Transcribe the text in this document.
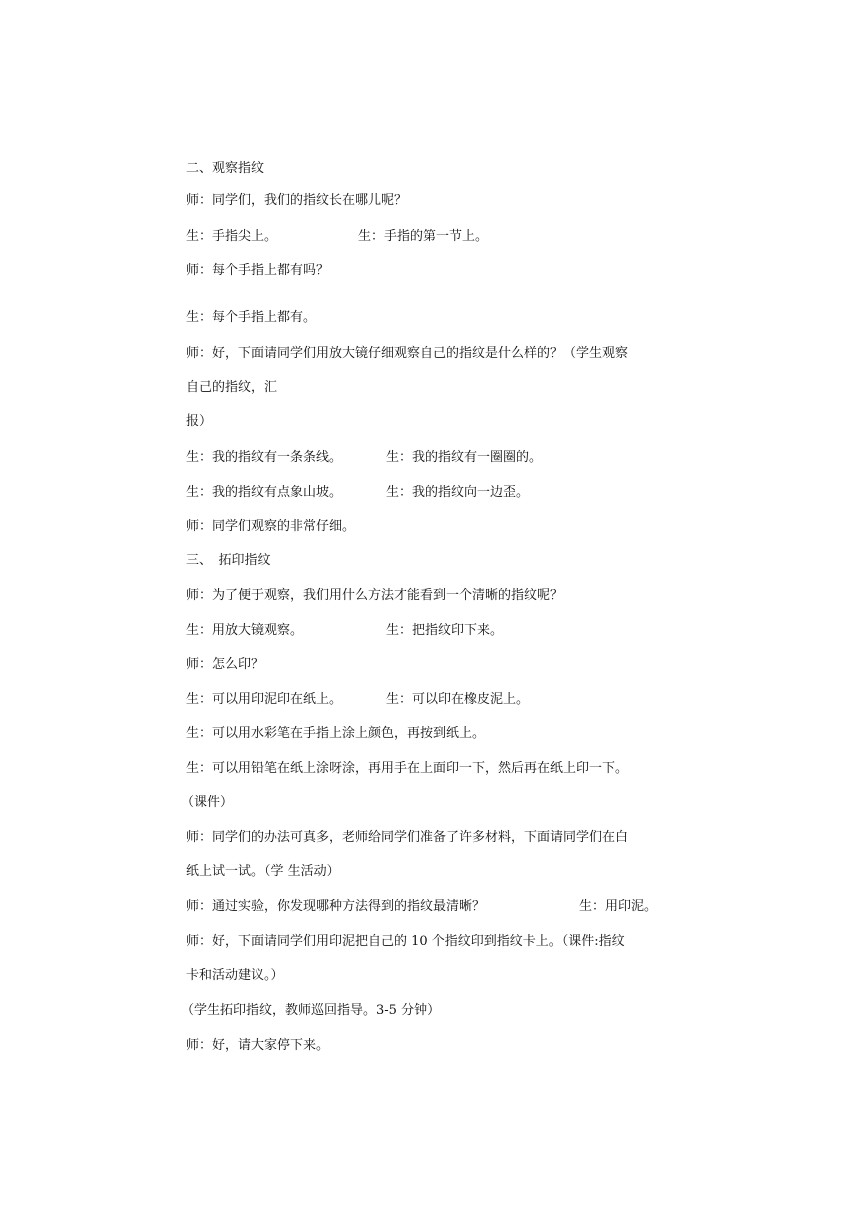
二、观察指纹
师：同学们，我们的指纹长在哪儿呢？
生：手指尖上。	生：手指的第一节上。
师：每个手指上都有吗？
生：每个手指上都有。
师：好，下面请同学们用放大镜仔细观察自己的指纹是什么样的？（学生观察
自己的指纹，汇
报）
生：我的指纹有一条条线。	生：我的指纹有一圈圈的。
生：我的指纹有点象山坡。	生：我的指纹向一边歪。
师：同学们观察的非常仔细。
三、　拓印指纹
师：为了便于观察，我们用什么方法才能看到一个清晰的指纹呢？
生：用放大镜观察。	生：把指纹印下来。
师：怎么印？
生：可以用印泥印在纸上。	生：可以印在橡皮泥上。
生：可以用水彩笔在手指上涂上颜色，再按到纸上。
生：可以用铅笔在纸上涂呀涂，再用手在上面印一下，然后再在纸上印一下。
（课件）
师：同学们的办法可真多，老师给同学们准备了许多材料，下面请同学们在白
纸上试一试。（学 生活动）
师：通过实验，你发现哪种方法得到的指纹最清晰？	生：用印泥。
师：好，下面请同学们用印泥把自己的 10 个指纹印到指纹卡上。（课件:指纹
卡和活动建议。）
（学生拓印指纹，教师巡回指导。3-5 分钟）
师：好，请大家停下来。
